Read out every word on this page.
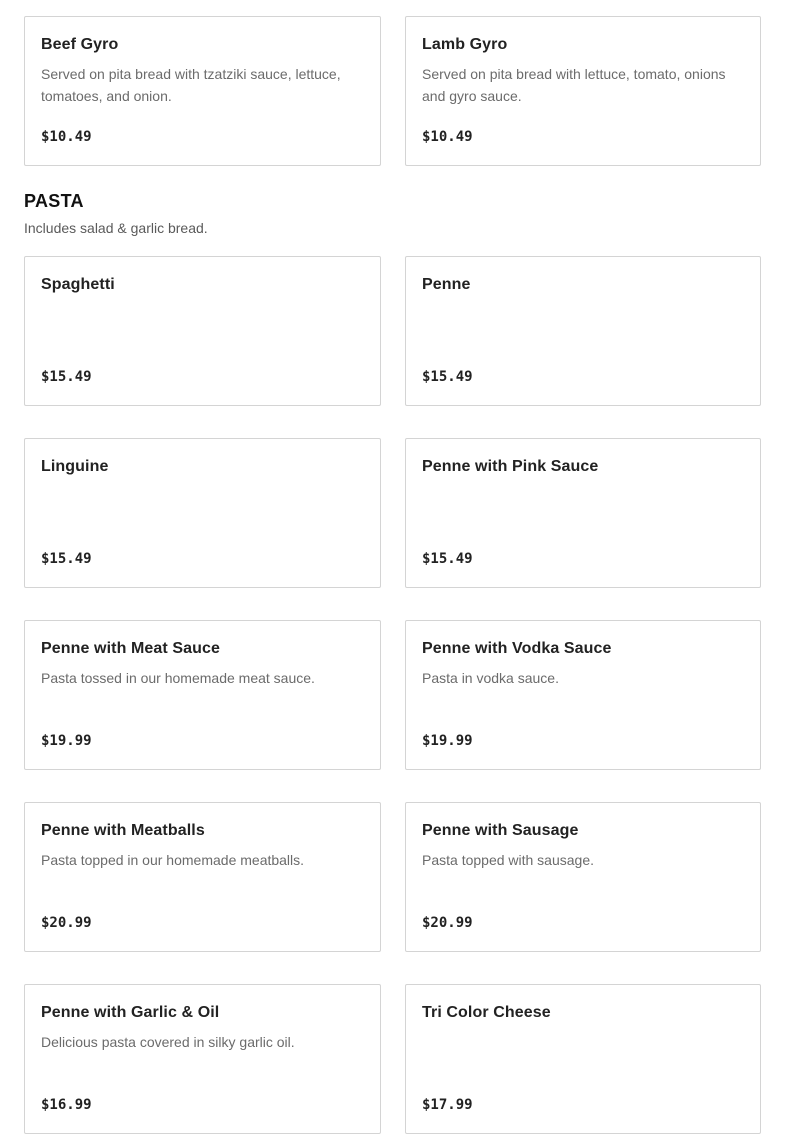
Beef Gyro
Served on pita bread with tzatziki sauce, lettuce, tomatoes, and onion.
$10.49
Lamb Gyro
Served on pita bread with lettuce, tomato, onions and gyro sauce.
$10.49
PASTA
Includes salad & garlic bread.
Spaghetti
$15.49
Penne
$15.49
Linguine
$15.49
Penne with Pink Sauce
$15.49
Penne with Meat Sauce
Pasta tossed in our homemade meat sauce.
$19.99
Penne with Vodka Sauce
Pasta in vodka sauce.
$19.99
Penne with Meatballs
Pasta topped in our homemade meatballs.
$20.99
Penne with Sausage
Pasta topped with sausage.
$20.99
Penne with Garlic & Oil
Delicious pasta covered in silky garlic oil.
$16.99
Tri Color Cheese
$17.99
